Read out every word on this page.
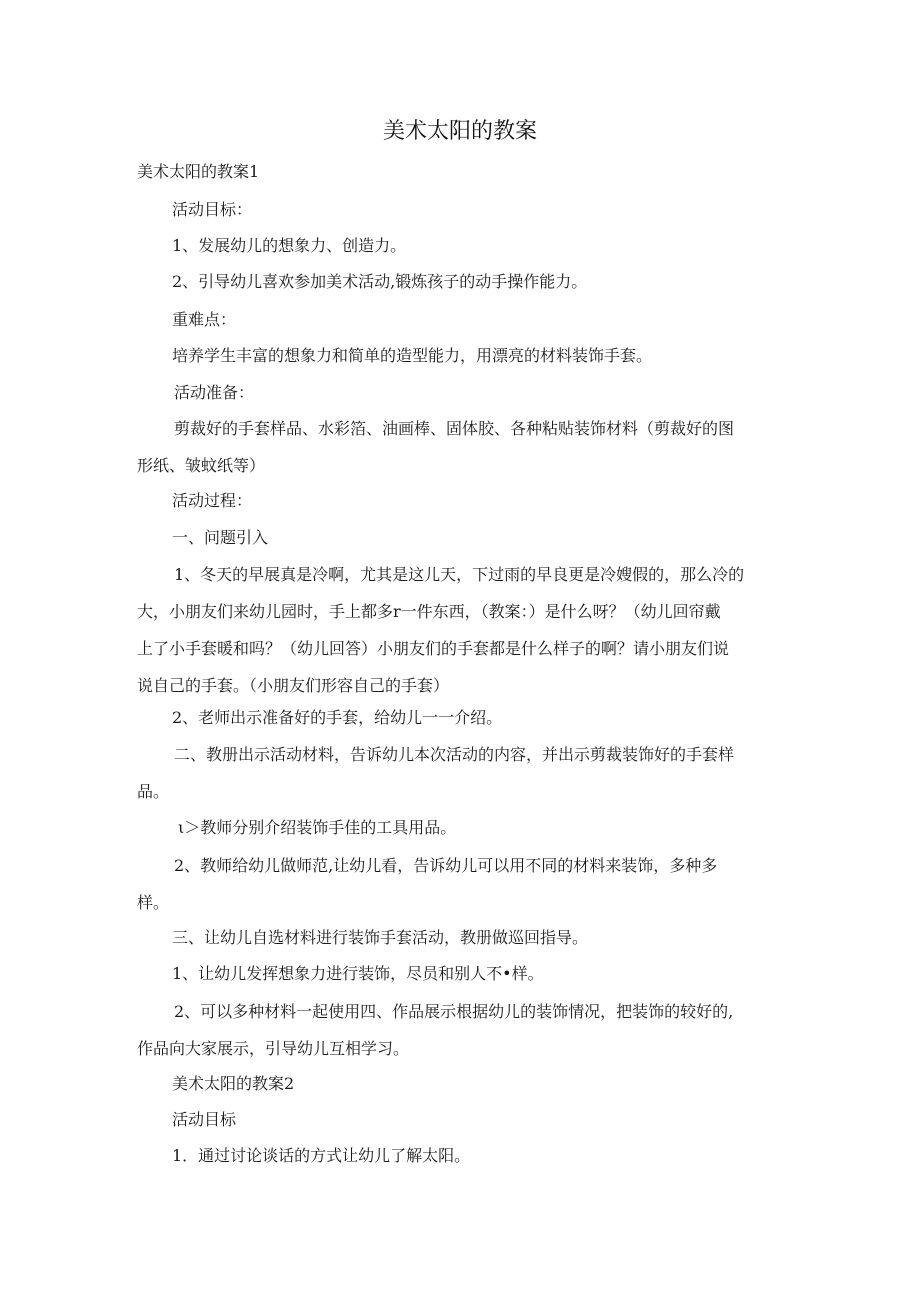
美术太阳的教案

美术太阳的教案1

活动目标：

1、发展幼儿的想象力、创造力。

2、引导幼儿喜欢参加美术活动,锻炼孩子的动手操作能力。

重难点：

培养学生丰富的想象力和简单的造型能力，用漂亮的材料装饰手套。

活动准备：

剪裁好的手套样品、水彩箔、油画棒、固体胶、各种粘贴装饰材料（剪裁好的图
形纸、皱蚊纸等）

活动过程：

一、问题引入

1、冬天的早展真是冷啊，尤其是这儿天，下过雨的早良更是冷嫂假的，那么冷的
大，小朋友们来幼儿园时，手上都多r一件东西，（教案：）是什么呀？（幼儿回帘戴
上了小手套暖和吗？（幼儿回答）小朋友们的手套都是什么样子的啊？请小朋友们说
说自己的手套。（小朋友们形容自己的手套）

2、老师出示准备好的手套，给幼儿一一介绍。

二、教册出示活动材料，告诉幼儿本次活动的内容，并出示剪裁装饰好的手套样
品。

ι＞教师分别介绍装饰手佳的工具用品。

2、教师给幼儿做师范,让幼儿看，告诉幼儿可以用不同的材料来装饰，多种多
样。

三、让幼儿自选材料进行装饰手套活动，教册做巡回指导。

1、让幼儿发挥想象力进行装饰，尽员和别人不•样。

2、可以多种材料一起使用四、作品展示根据幼儿的装饰情况，把装饰的较好的,
作品向大家展示，引导幼儿互相学习。

美术太阳的教案2

活动目标

1．通过讨论谈话的方式让幼儿了解太阳。
